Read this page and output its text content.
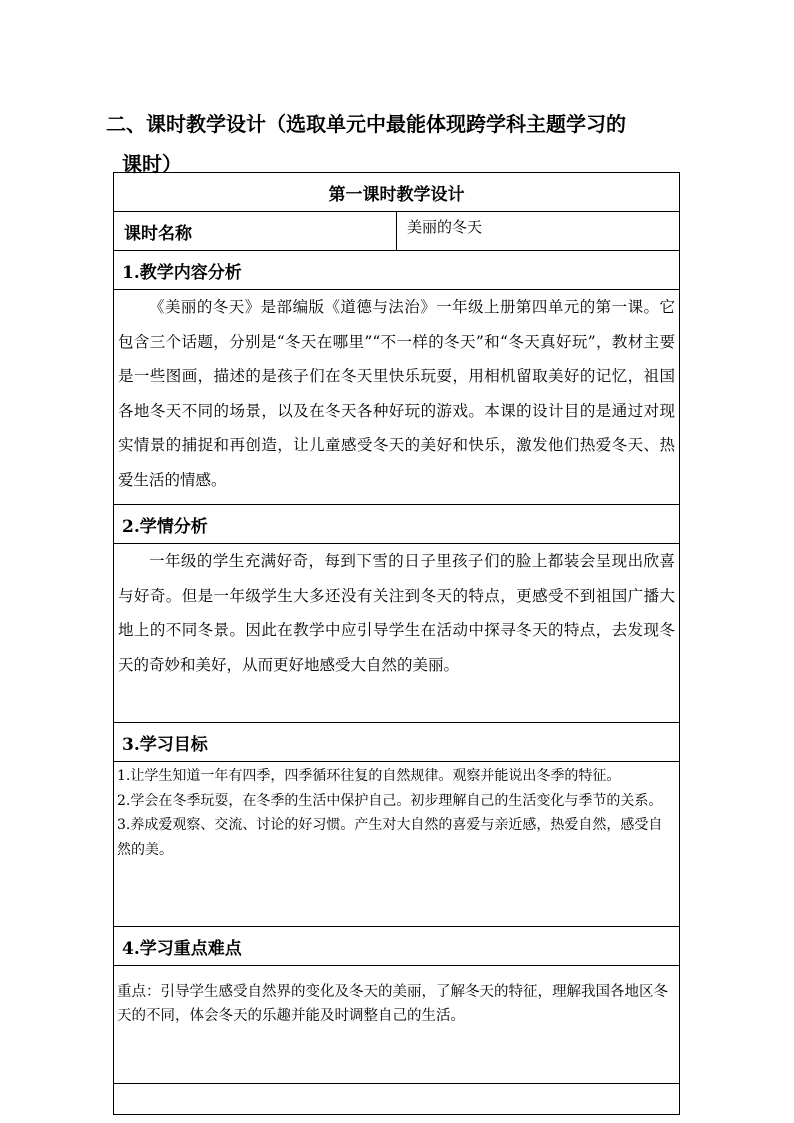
二、课时教学设计（选取单元中最能体现跨学科主题学习的
课时）
第一课时教学设计
课时名称	美丽的冬天
1.教学内容分析
《美丽的冬天》是部编版《道德与法治》一年级上册第四单元的第一课。它包含三个话题，分别是“冬天在哪里”“不一样的冬天”和“冬天真好玩”，教材主要是一些图画，描述的是孩子们在冬天里快乐玩耍，用相机留取美好的记忆，祖国各地冬天不同的场景，以及在冬天各种好玩的游戏。本课的设计目的是通过对现实情景的捕捉和再创造，让儿童感受冬天的美好和快乐，激发他们热爱冬天、热爱生活的情感。
2.学情分析
一年级的学生充满好奇，每到下雪的日子里孩子们的脸上都装会呈现出欣喜与好奇。但是一年级学生大多还没有关注到冬天的特点，更感受不到祖国广播大地上的不同冬景。因此在教学中应引导学生在活动中探寻冬天的特点，去发现冬天的奇妙和美好，从而更好地感受大自然的美丽。
3.学习目标

1.让学生知道一年有四季，四季循环往复的自然规律。观察并能说出冬季的特征。

2.学会在冬季玩耍，在冬季的生活中保护自己。初步理解自己的生活变化与季节的关系。

3.养成爱观察、交流、讨论的好习惯。产生对大自然的喜爱与亲近感，热爱自然，感受自然的美。

4.学习重点难点
重点：引导学生感受自然界的变化及冬天的美丽，了解冬天的特征，理解我国各地区冬天的不同，体会冬天的乐趣并能及时调整自己的生活。
